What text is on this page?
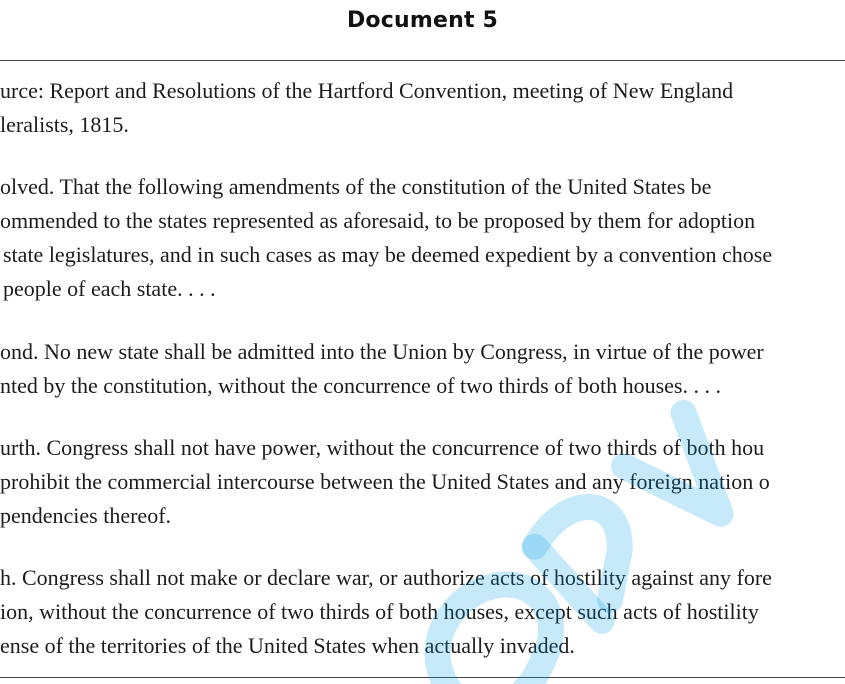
Document 5
urce: Report and Resolutions of the Hartford Convention, meeting of New England
leralists, 1815.
olved. That the following amendments of the constitution of the United States be
ommended to the states represented as aforesaid, to be proposed by them for adoption
state legislatures, and in such cases as may be deemed expedient by a convention chose
people of each state. . . .
ond. No new state shall be admitted into the Union by Congress, in virtue of the power
nted by the constitution, without the concurrence of two thirds of both houses. . . .
urth. Congress shall not have power, without the concurrence of two thirds of both hou
prohibit the commercial intercourse between the United States and any foreign nation o
pendencies thereof.
h. Congress shall not make or declare war, or authorize acts of hostility against any fore
ion, without the concurrence of two thirds of both houses, except such acts of hostility
ense of the territories of the United States when actually invaded.
